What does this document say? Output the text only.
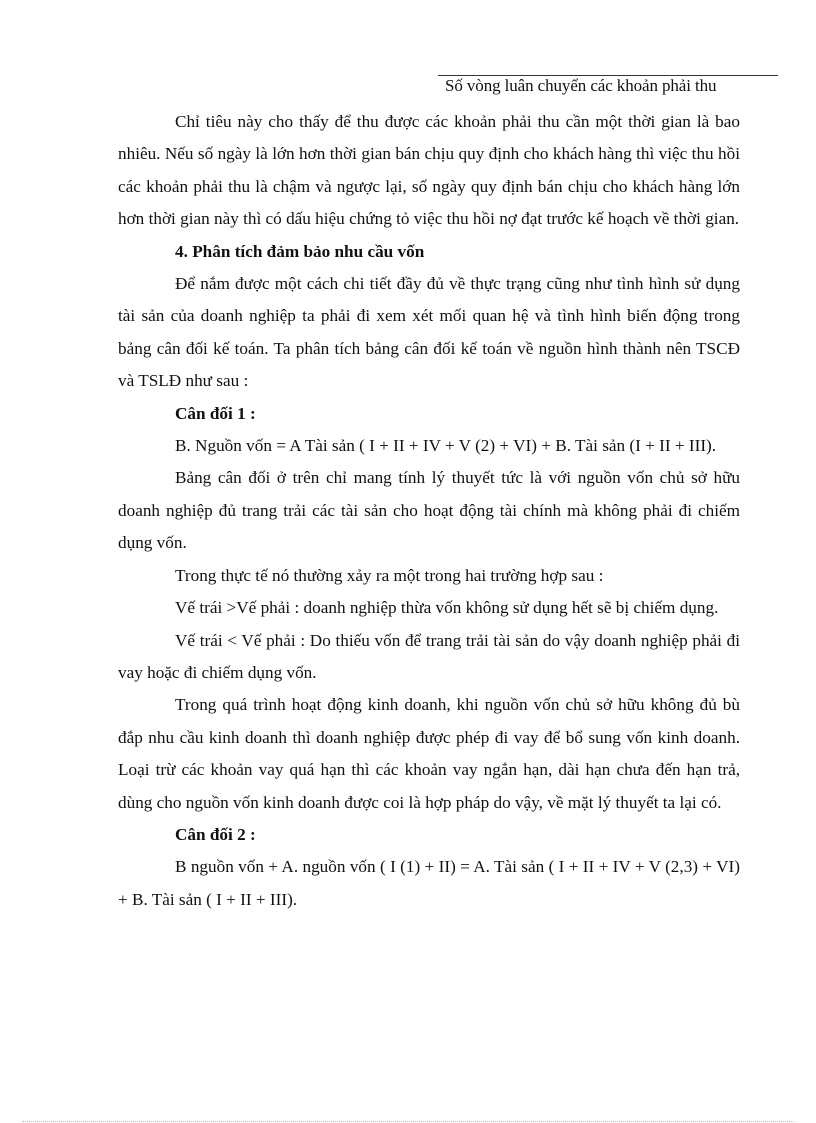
Số vòng luân chuyển các khoản phải thu

Chỉ tiêu này cho thấy để thu được các khoản phải thu cần một thời gian là bao nhiêu. Nếu số ngày là lớn hơn thời gian bán chịu quy định cho khách hàng thì việc thu hồi các khoản phải thu là chậm và ngược lại, số ngày quy định bán chịu cho khách hàng lớn hơn thời gian này thì có dấu hiệu chứng tỏ việc thu hồi nợ đạt trước kế hoạch về thời gian.

4. Phân tích đảm bảo nhu cầu vốn

Để nắm được một cách chi tiết đầy đủ về thực trạng cũng như tình hình sử dụng tài sản của doanh nghiệp ta phải đi xem xét mối quan hệ và tình hình biến động trong bảng cân đối kế toán. Ta phân tích bảng cân đối kế toán về nguồn hình thành nên TSCĐ và TSLĐ như sau :

Cân đối 1 :

B. Nguồn vốn = A Tài sản ( I + II + IV + V (2) + VI) + B. Tài sản (I + II + III).

Bảng cân đối ở trên chỉ mang tính lý thuyết tức là với nguồn vốn chủ sở hữu doanh nghiệp đủ trang trải các tài sản cho hoạt động tài chính mà không phải đi chiếm dụng vốn.

Trong thực tế nó thường xảy ra một trong hai trường hợp sau :

Vế trái >Vế phải : doanh nghiệp thừa vốn không sử dụng hết sẽ bị chiếm dụng.

Vế trái < Vế phải : Do thiếu vốn để trang trải tài sản do vậy doanh nghiệp phải đi vay hoặc đi chiếm dụng vốn.

Trong quá trình hoạt động kinh doanh, khi nguồn vốn chủ sở hữu không đủ bù đắp nhu cầu kinh doanh thì doanh nghiệp được phép đi vay để bổ sung vốn kinh doanh. Loại trừ các khoản vay quá hạn thì các khoản vay ngắn hạn, dài hạn chưa đến hạn trả, dùng cho nguồn vốn kinh doanh được coi là hợp pháp do vậy, về mặt lý thuyết ta lại có.

Cân đối 2 :

B nguồn vốn + A. nguồn vốn ( I (1) + II) = A. Tài sản ( I + II + IV + V (2,3) + VI) + B. Tài sản ( I + II + III).
